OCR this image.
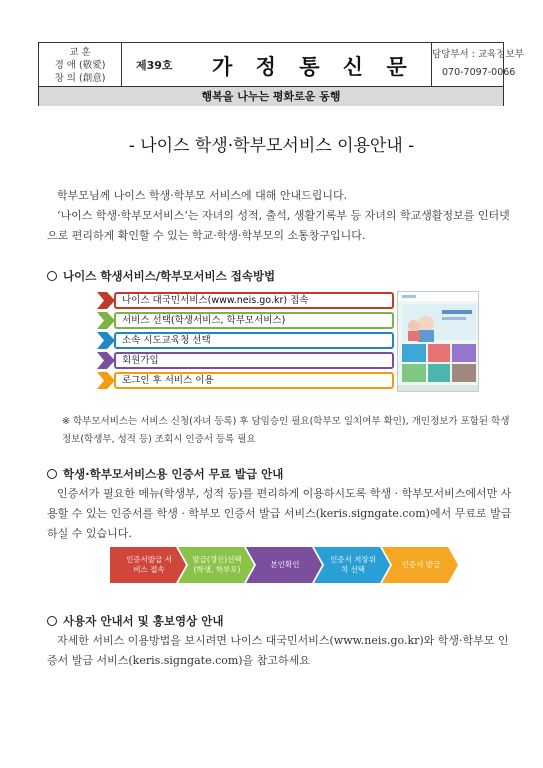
교 훈
경 애 (敬愛)
창 의 (創意)
제39호 가 정 통 신 문
담당부서 : 교육정보부
070-7097-0066
행복을 나누는 평화로운 동행
- 나이스 학생·학부모서비스 이용안내 -
학부모님께 나이스 학생·학부모 서비스에 대해 안내드립니다.
‘나이스 학생·학부모서비스’는 자녀의 성적, 출석, 생활기록부 등 자녀의 학교생활정보를 인터넷으로 편리하게 확인할 수 있는 학교·학생·학부모의 소통창구입니다.
나이스 학생서비스/학부모서비스 접속방법
나이스 대국민서비스(www.neis.go.kr) 접속
서비스 선택(학생서비스, 학부모서비스)
소속 시도교육청 선택
회원가입
로그인 후 서비스 이용
※ 학부모서비스는 서비스 신청(자녀 등록) 후 담임승인 필요(학부모 일치여부 확인), 개인정보가 포함된 학생정보(학생부, 성적 등) 조회시 인증서 등록 필요
학생·학부모서비스용 인증서 무료 발급 안내
인증서가 필요한 메뉴(학생부, 성적 등)를 편리하게 이용하시도록 학생 · 학부모서비스에서만 사용할 수 있는 인증서를 학생 · 학부모 인증서 발급 서비스(keris.signgate.com)에서 무료로 발급하실 수 있습니다.
인증서발급 서비스 접속
발급(갱신)선택 (학생, 학부모)
본인확인
인증서 저장위치 선택
인증서 발급
사용자 안내서 및 홍보영상 안내
자세한 서비스 이용방법을 보시려면 나이스 대국민서비스(www.neis.go.kr)와 학생·학부모 인증서 발급 서비스(keris.signgate.com)을 참고하세요
